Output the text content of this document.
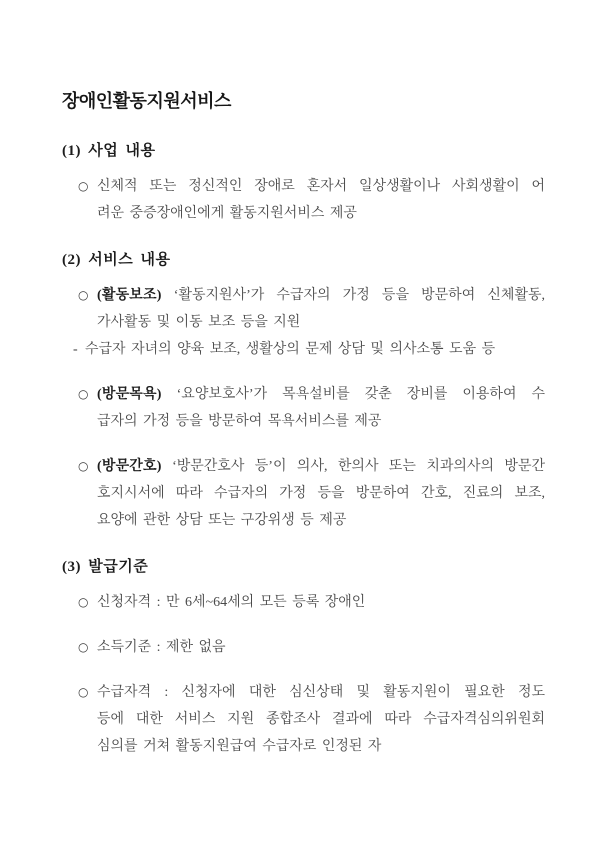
장애인활동지원서비스
(1) 사업 내용
○ 신체적 또는 정신적인 장애로 혼자서 일상생활이나 사회생활이 어
려운 중증장애인에게 활동지원서비스 제공
(2) 서비스 내용
○ (활동보조) ‘활동지원사’가 수급자의 가정 등을 방문하여 신체활동,
가사활동 및 이동 보조 등을 지원
- 수급자 자녀의 양육 보조, 생활상의 문제 상담 및 의사소통 도움 등
○ (방문목욕) ‘요양보호사’가 목욕설비를 갖춘 장비를 이용하여 수
급자의 가정 등을 방문하여 목욕서비스를 제공
○ (방문간호) ‘방문간호사 등’이 의사, 한의사 또는 치과의사의 방문간
호지시서에 따라 수급자의 가정 등을 방문하여 간호, 진료의 보조,
요양에 관한 상담 또는 구강위생 등 제공
(3) 발급기준
○ 신청자격 : 만 6세~64세의 모든 등록 장애인
○ 소득기준 : 제한 없음
○ 수급자격 : 신청자에 대한 심신상태 및 활동지원이 필요한 정도
등에 대한 서비스 지원 종합조사 결과에 따라 수급자격심의위원회
심의를 거쳐 활동지원급여 수급자로 인정된 자
